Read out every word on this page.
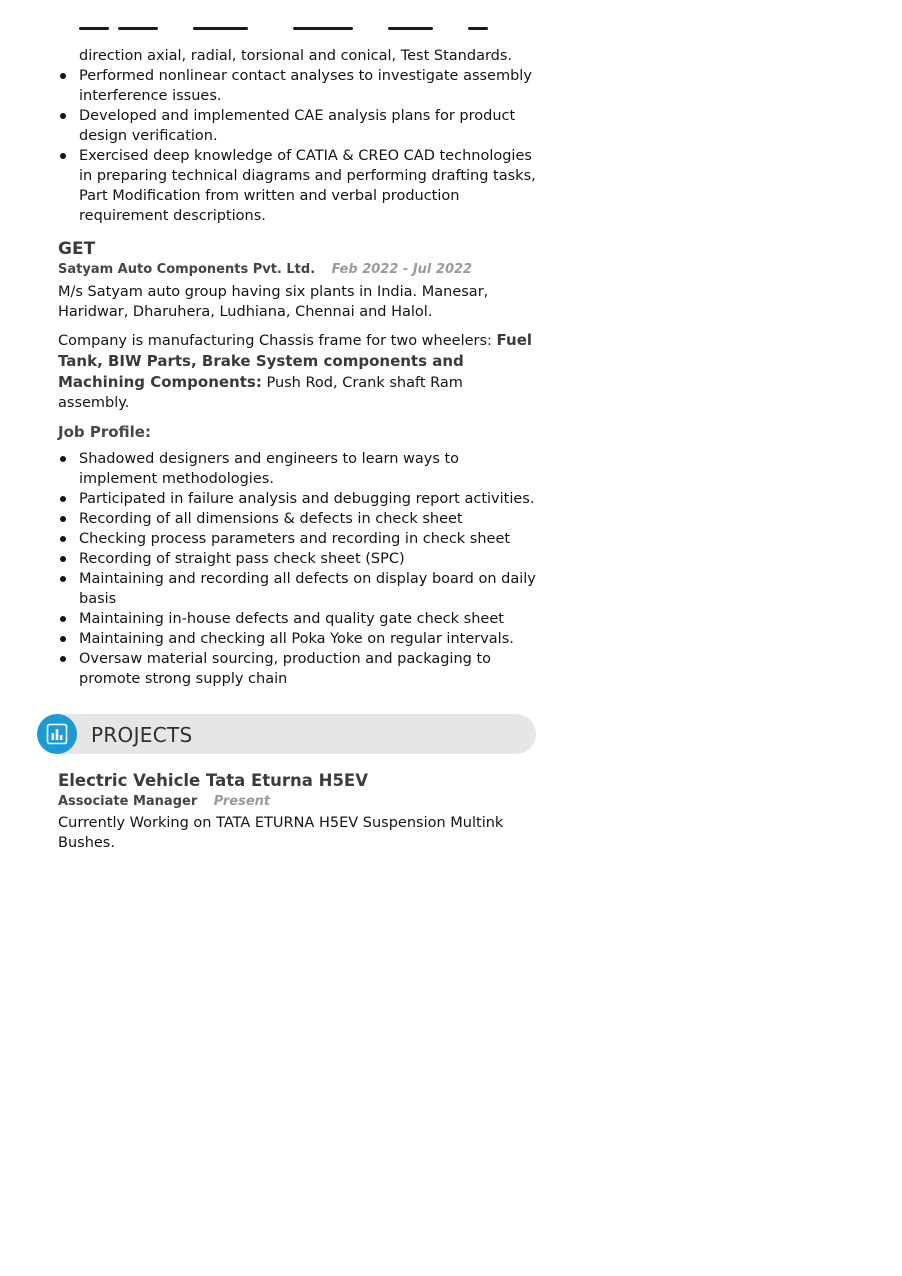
direction axial, radial, torsional and conical, Test Standards.
Performed nonlinear contact analyses to investigate assembly interference issues.
Developed and implemented CAE analysis plans for product design verification.
Exercised deep knowledge of CATIA & CREO CAD technologies in preparing technical diagrams and performing drafting tasks, Part Modification from written and verbal production requirement descriptions.
GET
Satyam Auto Components Pvt. Ltd. Feb 2022 - Jul 2022
M/s Satyam auto group having six plants in India. Manesar, Haridwar, Dharuhera, Ludhiana, Chennai and Halol.
Company is manufacturing Chassis frame for two wheelers: Fuel Tank, BIW Parts, Brake System components and Machining Components: Push Rod, Crank shaft Ram assembly.
Job Profile:
Shadowed designers and engineers to learn ways to implement methodologies.
Participated in failure analysis and debugging report activities.
Recording of all dimensions & defects in check sheet
Checking process parameters and recording in check sheet
Recording of straight pass check sheet (SPC)
Maintaining and recording all defects on display board on daily basis
Maintaining in-house defects and quality gate check sheet
Maintaining and checking all Poka Yoke on regular intervals.
Oversaw material sourcing, production and packaging to promote strong supply chain
PROJECTS
Electric Vehicle Tata Eturna H5EV
Associate Manager Present
Currently Working on TATA ETURNA H5EV Suspension Multink Bushes.
